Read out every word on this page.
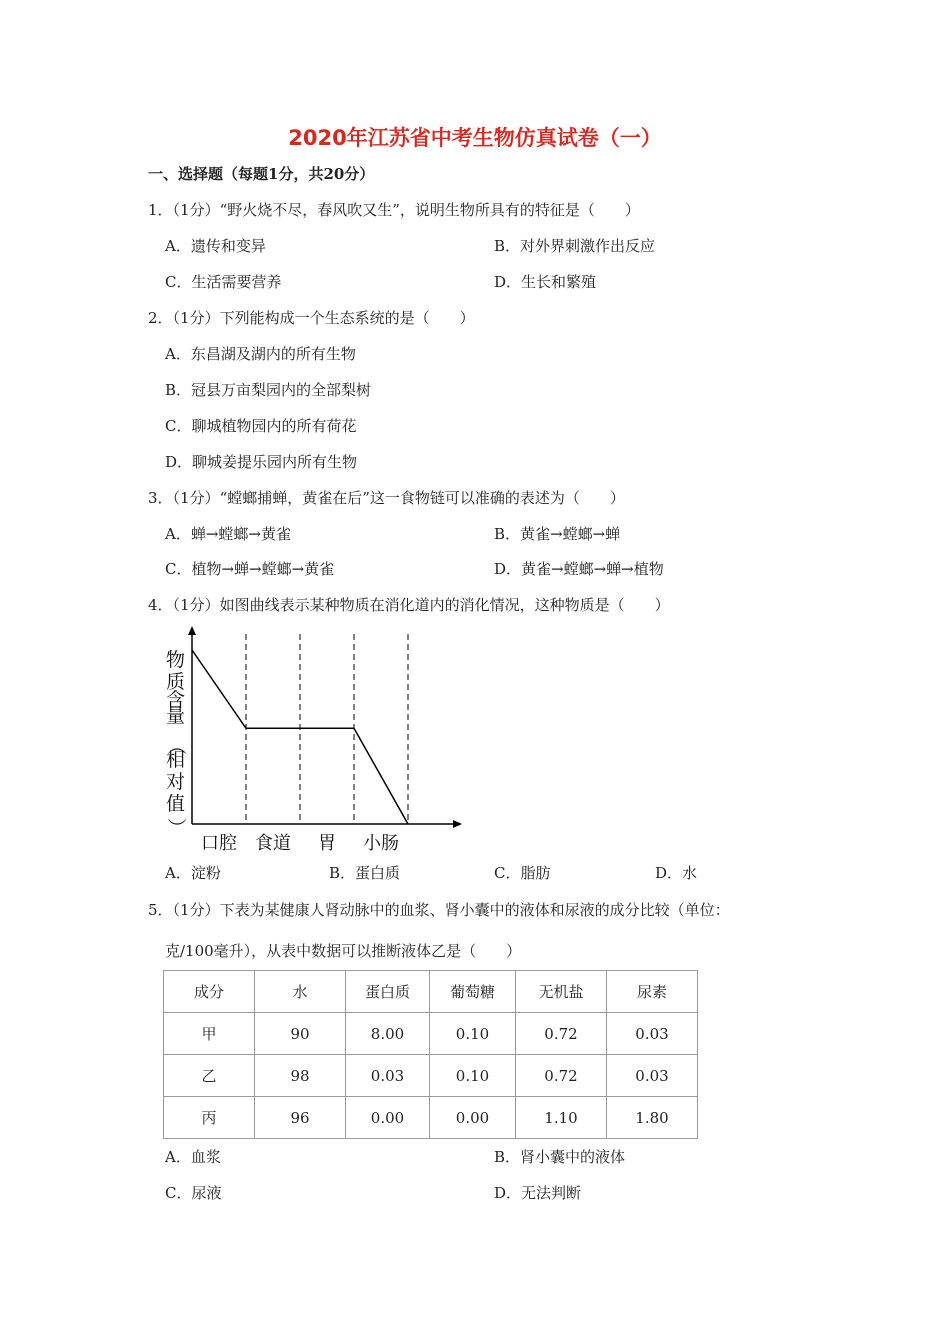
2020年江苏省中考生物仿真试卷（一）
一、选择题（每题1分，共20分）
1．（1分）“野火烧不尽，春风吹又生”，说明生物所具有的特征是（　　）
A．遗传和变异	B．对外界刺激作出反应
C．生活需要营养	D．生长和繁殖
2．（1分）下列能构成一个生态系统的是（　　）
A．东昌湖及湖内的所有生物
B．冠县万亩梨园内的全部梨树
C．聊城植物园内的所有荷花
D．聊城姜提乐园内所有生物
3．（1分）“螳螂捕蝉，黄雀在后”这一食物链可以准确的表述为（　　）
A．蝉→螳螂→黄雀	B．黄雀→螳螂→蝉
C．植物→蝉→螳螂→黄雀	D．黄雀→螳螂→蝉→植物
4．（1分）如图曲线表示某种物质在消化道内的消化情况，这种物质是（　　）
物
质
含
量
（
相
对
值
）
口腔 食道 胃 小肠
A．淀粉	B．蛋白质	C．脂肪	D．水
5．（1分）下表为某健康人肾动脉中的血浆、肾小囊中的液体和尿液的成分比较（单位：
克/100毫升），从表中数据可以推断液体乙是（　　）
成分	水	蛋白质	葡萄糖	无机盐	尿素
甲	90	8.00	0.10	0.72	0.03
乙	98	0.03	0.10	0.72	0.03
丙	96	0.00	0.00	1.10	1.80
A．血浆	B．肾小囊中的液体
C．尿液	D．无法判断
